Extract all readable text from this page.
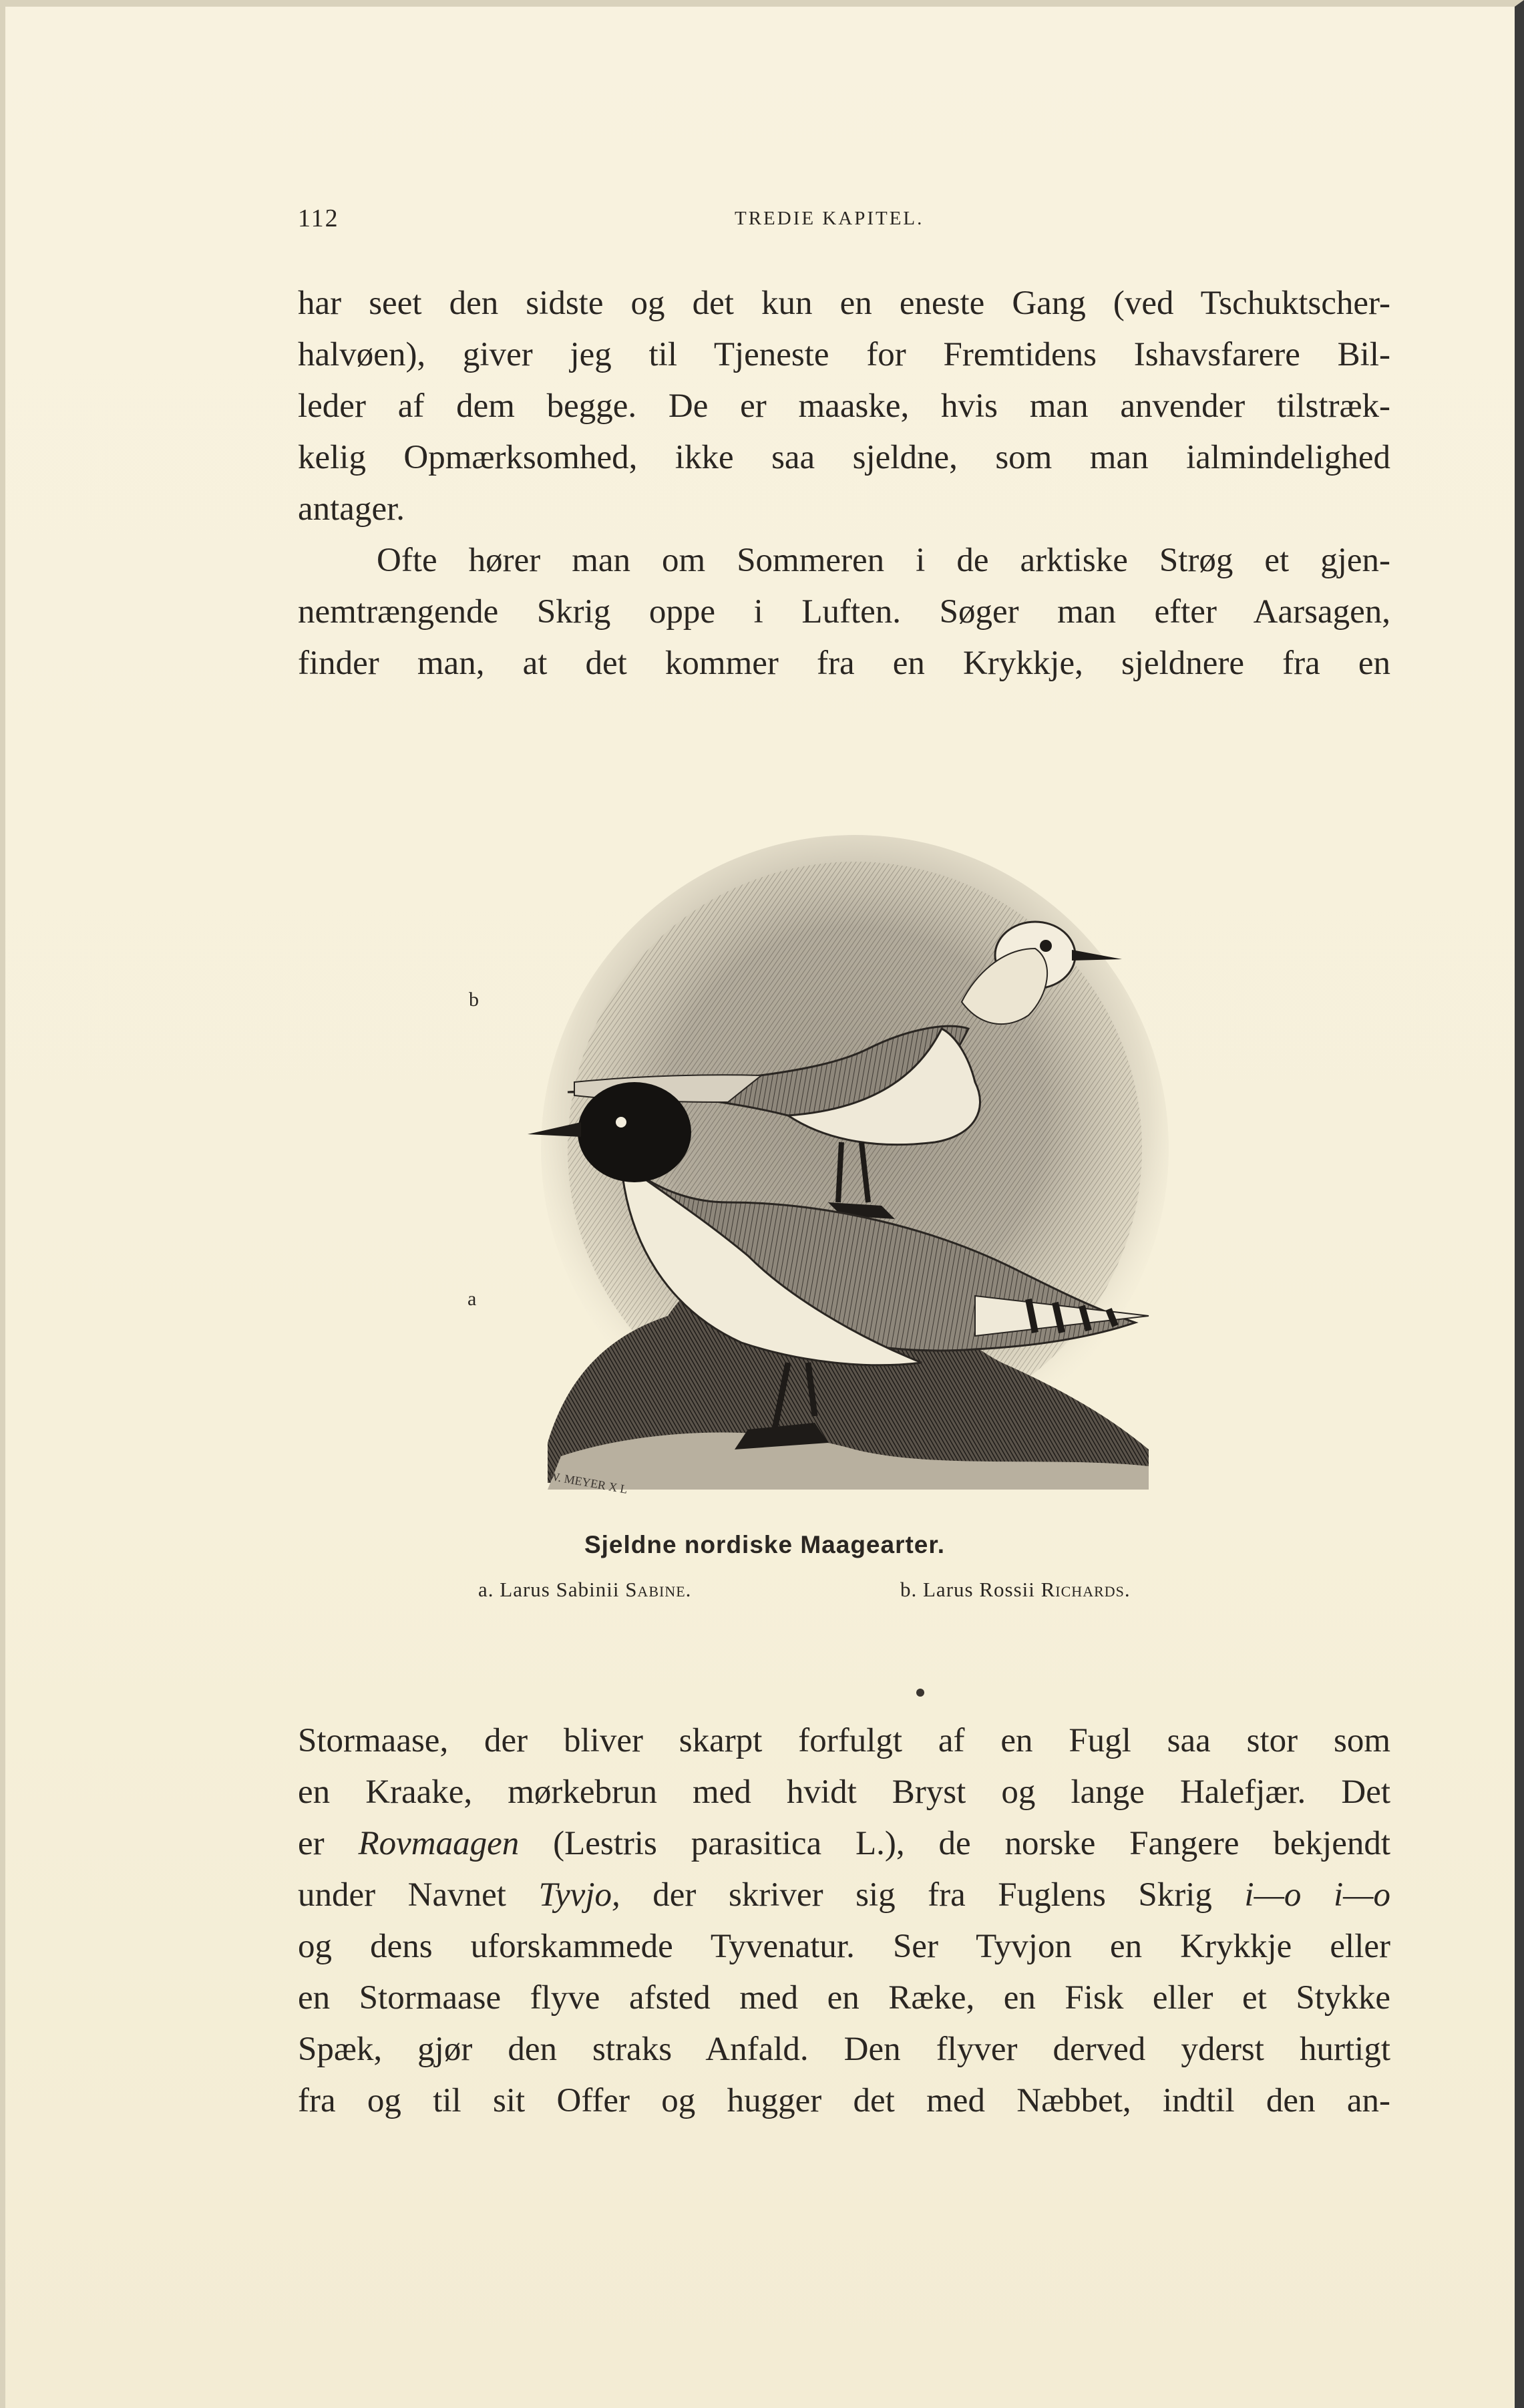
112	TREDIE KAPITEL.

har seet den sidste og det kun en eneste Gang (ved Tschuktscher-

halvøen), giver jeg til Tjeneste for Fremtidens Ishavsfarere Bil-

leder af dem begge. De er maaske, hvis man anvender tilstræk-

kelig Opmærksomhed, ikke saa sjeldne, som man ialmindelighed

antager.

Ofte hører man om Sommeren i de arktiske Strøg et gjen-

nemtrængende Skrig oppe i Luften. Søger man efter Aarsagen,

finder man, at det kommer fra en Krykkje, sjeldnere fra en

b
a
W. MEYER X L
Sjeldne nordiske Maagearter.
a. Larus Sabinii Sabine.	b. Larus Rossii Richards.

Stormaase, der bliver skarpt forfulgt af en Fugl saa stor som

en Kraake, mørkebrun med hvidt Bryst og lange Halefjær. Det

er Rovmaagen (Lestris parasitica L.), de norske Fangere bekjendt

under Navnet Tyvjo, der skriver sig fra Fuglens Skrig i—o i—o

og dens uforskammede Tyvenatur. Ser Tyvjon en Krykkje eller

en Stormaase flyve afsted med en Ræke, en Fisk eller et Stykke

Spæk, gjør den straks Anfald. Den flyver derved yderst hurtigt

fra og til sit Offer og hugger det med Næbbet, indtil den an-
